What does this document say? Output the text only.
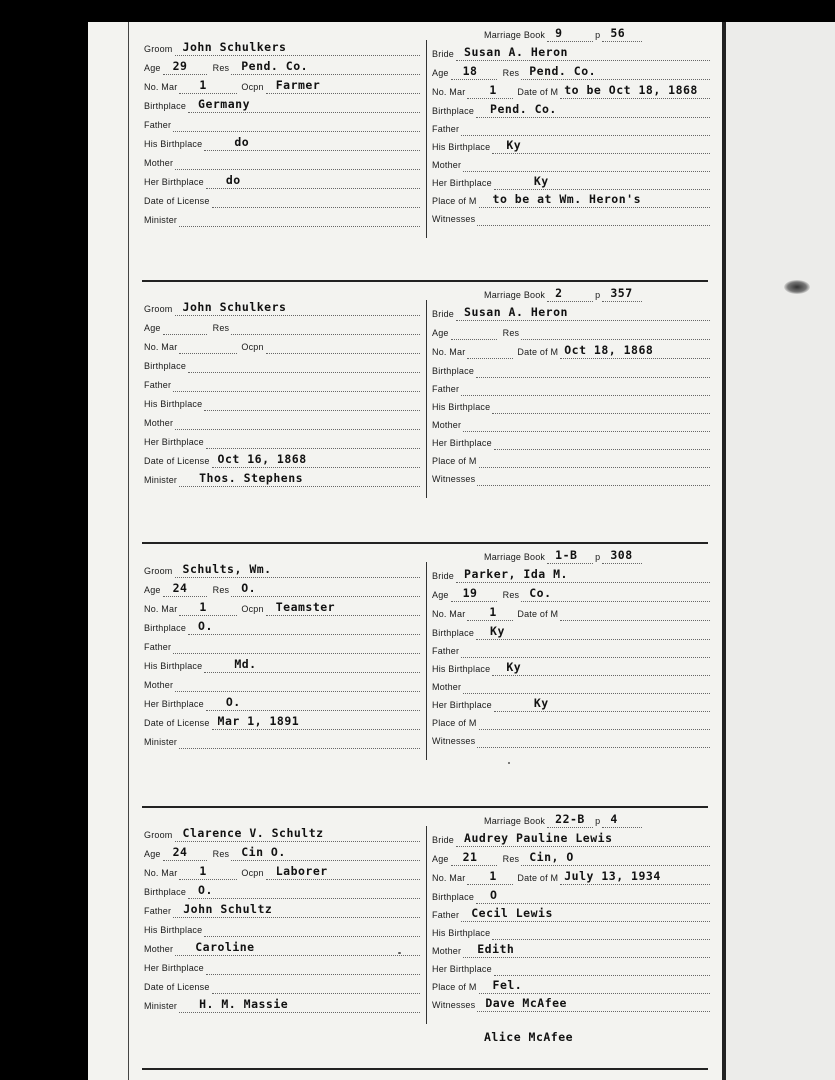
Groom John Schulkers
Age 29	Res Pend. Co.
No. Mar 1	Ocpn Farmer
Birthplace Germany
Father
His Birthplace	do
Mother
Her Birthplace do
Date of License
Minister
Marriage Book 9	p 56
Bride Susan A. Heron
Age 18	Res Pend. Co.
No. Mar 1 Date of M to be Oct 18, 1868
Birthplace Pend. Co.
Father
His Birthplace Ky
Mother
Her Birthplace	Ky
Place of M to be at Wm. Heron's
Witnesses
Groom John Schulkers
Age	Res
No. Mar	Ocpn
Birthplace
Father
His Birthplace
Mother
Her Birthplace
Date of License Oct 16, 1868
Minister Thos. Stephens
Marriage Book 2	p 357
Bride Susan A. Heron
Age	Res
No. Mar	Date of M Oct 18, 1868
Birthplace
Father
His Birthplace
Mother
Her Birthplace
Place of M
Witnesses
Groom Schults, Wm.
Age 24	Res O.
No. Mar 1	Ocpn Teamster
Birthplace O.
Father
His Birthplace	Md.
Mother
Her Birthplace O.
Date of License Mar 1, 1891
Minister
Marriage Book 1-B p 308
Bride Parker, Ida M.
Age 19	Res Co.
No. Mar 1 Date of M
Birthplace Ky
Father
His Birthplace Ky
Mother
Her Birthplace	Ky
Place of M
Witnesses
Groom Clarence V. Schultz
Age 24	Res Cin O.
No. Mar 1	Ocpn Laborer
Birthplace O.
Father John Schultz
His Birthplace
Mother Caroline
Her Birthplace
Date of License
Minister H. M. Massie
Marriage Book 22-B p 4
Bride Audrey Pauline Lewis
Age 21	Res Cin, O
No. Mar 1 Date of M July 13, 1934
Birthplace O
Father Cecil Lewis
His Birthplace
Mother Edith
Her Birthplace
Place of M Fel.
Witnesses Dave McAfee
Alice McAfee
